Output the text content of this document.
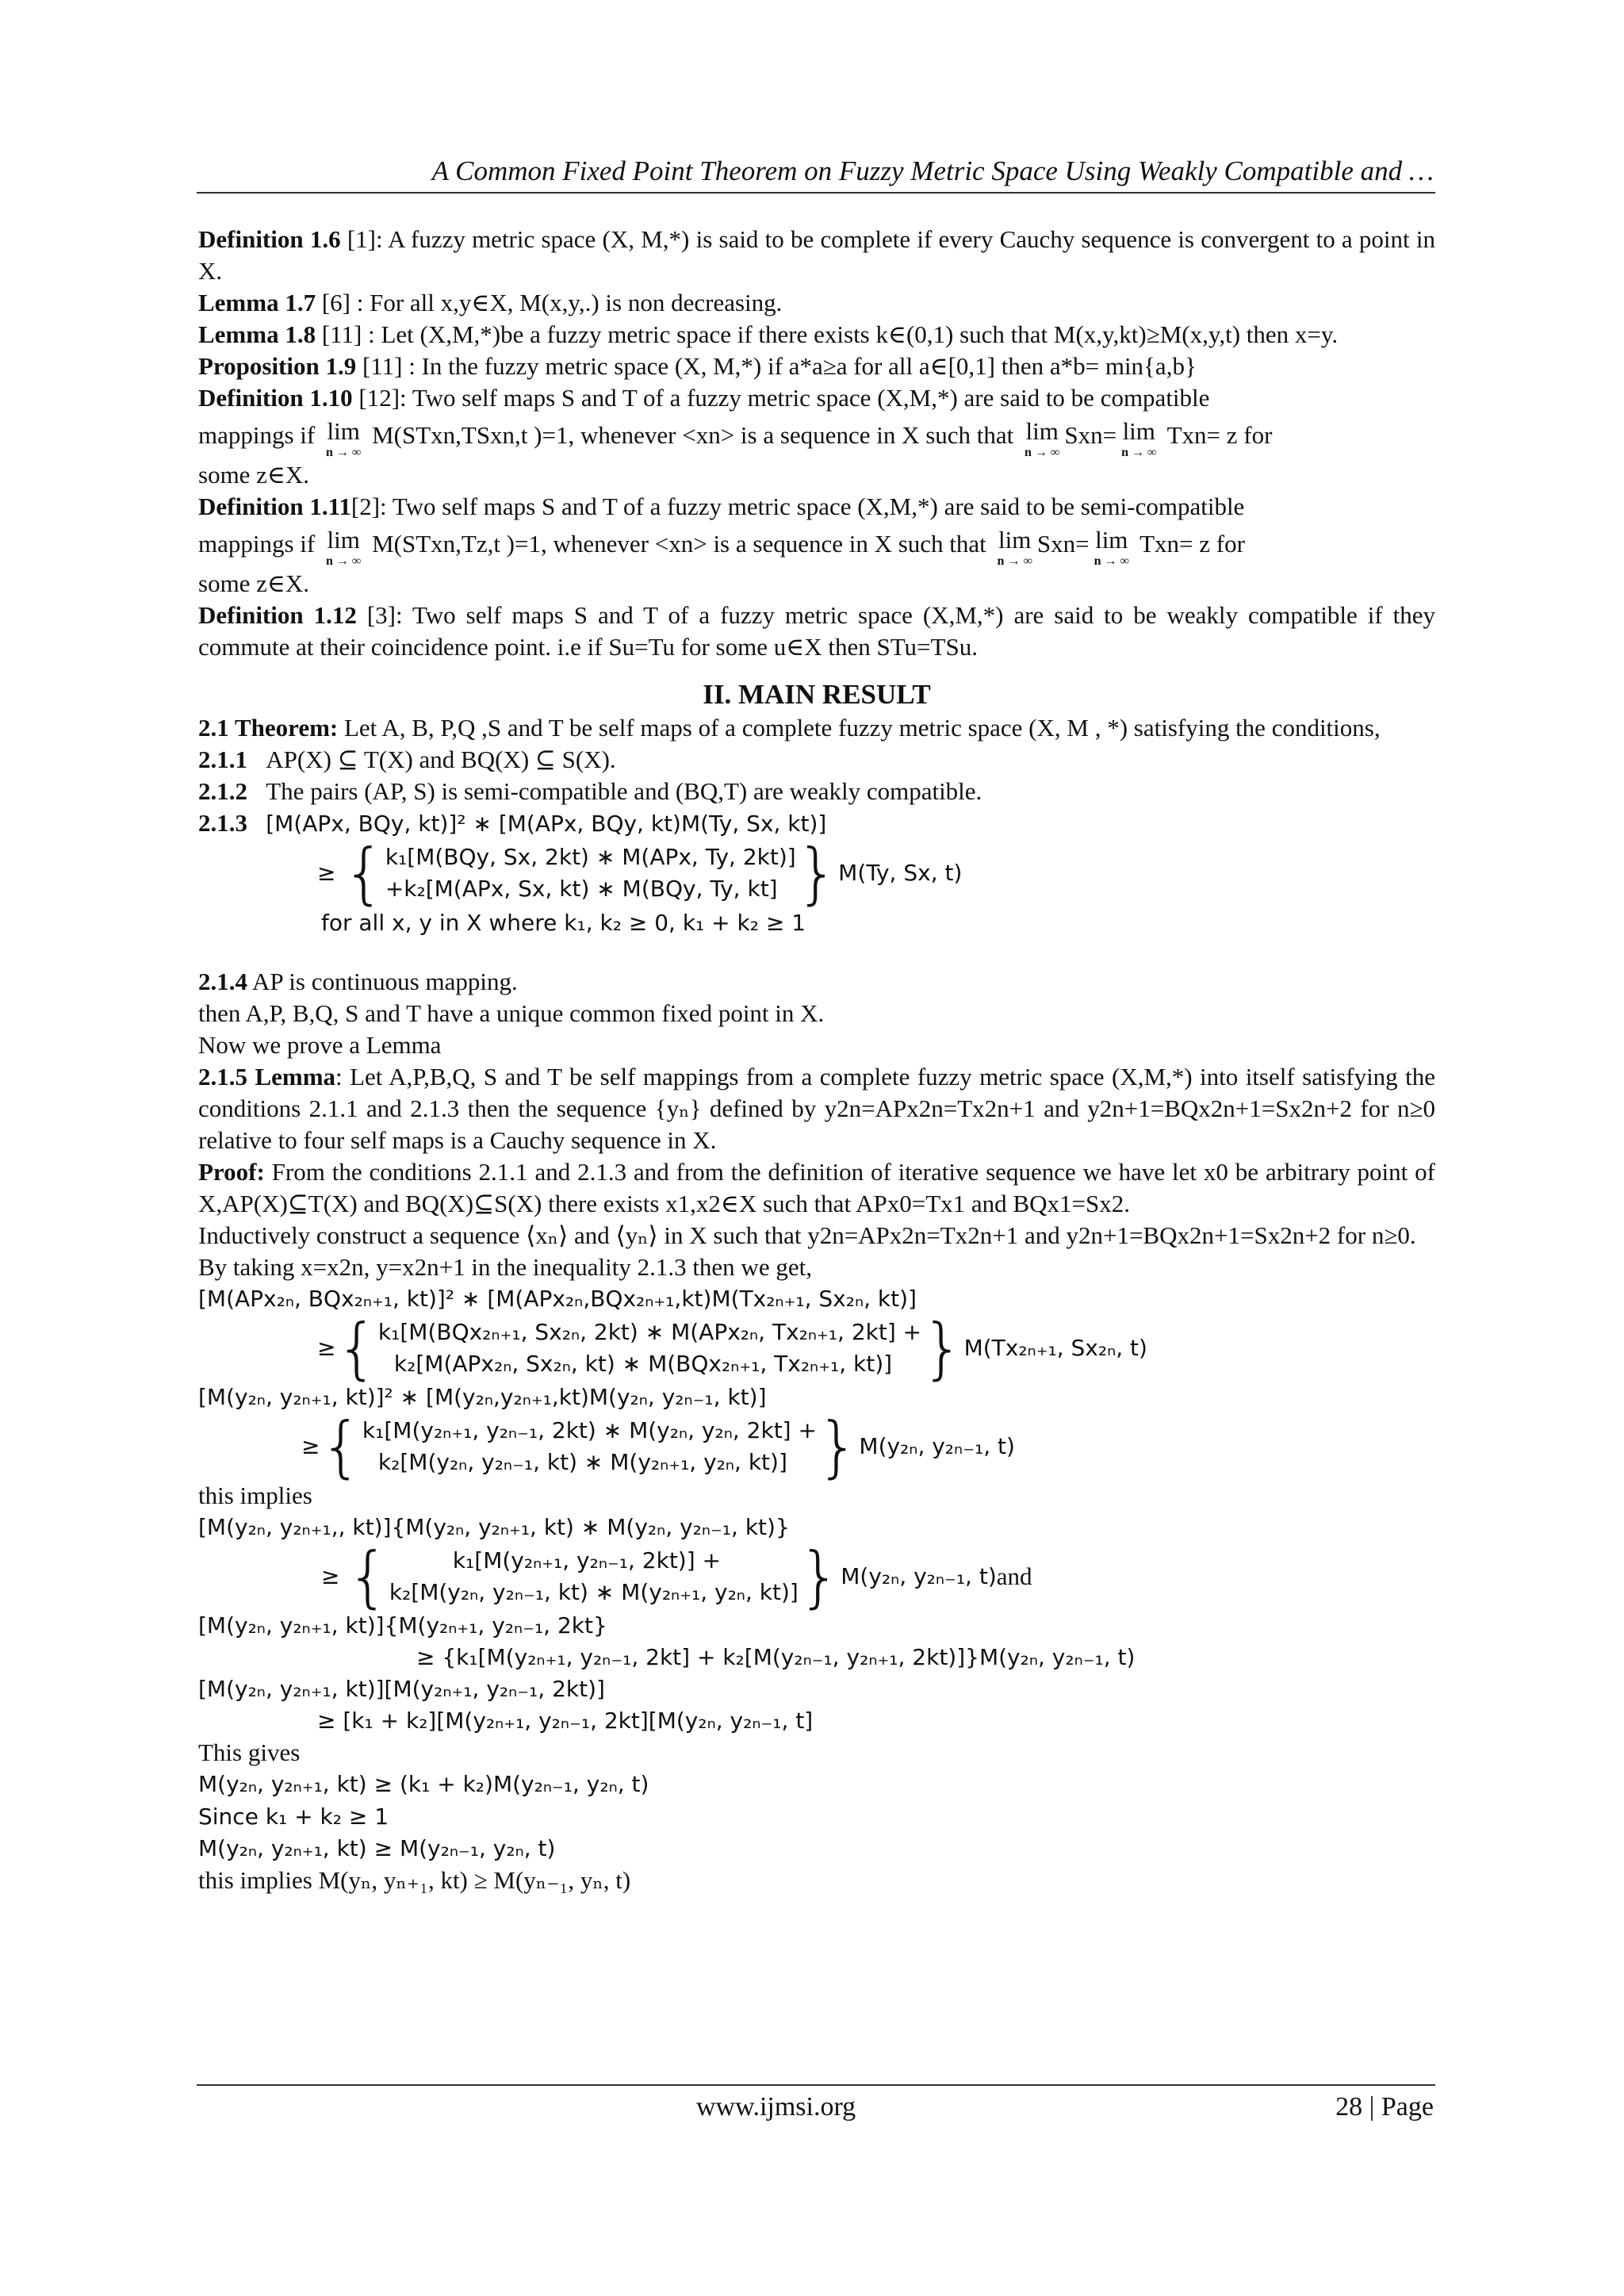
A Common Fixed Point Theorem on Fuzzy Metric Space Using Weakly Compatible and …

Definition 1.6 [1]: A fuzzy metric space (X, M,*) is said to be complete if every Cauchy sequence is convergent to a point in X.

Lemma 1.7 [6] : For all x,y∈X, M(x,y,.) is non decreasing.

Lemma 1.8 [11] : Let (X,M,*)be a fuzzy metric space if there exists k∈(0,1) such that M(x,y,kt)≥M(x,y,t) then x=y.

Proposition 1.9 [11] : In the fuzzy metric space (X, M,*) if a*a≥a for all a∈[0,1] then a*b= min{a,b}

Definition 1.10 [12]: Two self maps S and T of a fuzzy metric space (X,M,*) are said to be compatible

mappings if lim
n → ∞
M(STxn,TSxn,t )=1, whenever <xn> is a sequence in X such that lim
n → ∞
Sxn= lim
n → ∞
Txn= z for

some z∈X.

Definition 1.11[2]: Two self maps S and T of a fuzzy metric space (X,M,*) are said to be semi-compatible

mappings if lim
n → ∞
M(STxn,Tz,t )=1, whenever <xn> is a sequence in X such that lim
n → ∞
Sxn= lim
n → ∞
Txn= z for

some z∈X.

Definition 1.12 [3]: Two self maps S and T of a fuzzy metric space (X,M,*) are said to be weakly compatible if they commute at their coincidence point. i.e if Su=Tu for some u∈X then STu=TSu.

II. MAIN RESULT

2.1 Theorem: Let A, B, P,Q ,S and T be self maps of a complete fuzzy metric space (X, M , *) satisfying the conditions,

2.1.1 AP(X) ⊆ T(X) and BQ(X) ⊆ S(X).

2.1.2 The pairs (AP, S) is semi-compatible and (BQ,T) are weakly compatible.

2.1.3 [M(APx, BQy, kt)]² ∗ [M(APx, BQy, kt)M(Ty, Sx, kt)]

≥ { k₁[M(BQy, Sx, 2kt) ∗ M(APx, Ty, 2kt)]
+k₂[M(APx, Sx, kt) ∗ M(BQy, Ty, kt] } M(Ty, Sx, t)

for all x, y in X where k₁, k₂ ≥ 0, k₁ + k₂ ≥ 1

2.1.4 AP is continuous mapping.

then A,P, B,Q, S and T have a unique common fixed point in X.

Now we prove a Lemma

2.1.5 Lemma: Let A,P,B,Q, S and T be self mappings from a complete fuzzy metric space (X,M,*) into itself satisfying the conditions 2.1.1 and 2.1.3 then the sequence {yₙ} defined by y2n=APx2n=Tx2n+1 and y2n+1=BQx2n+1=Sx2n+2 for n≥0 relative to four self maps is a Cauchy sequence in X.

Proof: From the conditions 2.1.1 and 2.1.3 and from the definition of iterative sequence we have let x0 be arbitrary point of X,AP(X)⊆T(X) and BQ(X)⊆S(X) there exists x1,x2∈X such that APx0=Tx1 and BQx1=Sx2.

Inductively construct a sequence ⟨xₙ⟩ and ⟨yₙ⟩ in X such that y2n=APx2n=Tx2n+1 and y2n+1=BQx2n+1=Sx2n+2 for n≥0.

By taking x=x2n, y=x2n+1 in the inequality 2.1.3 then we get,

[M(APx₂ₙ, BQx₂ₙ₊₁, kt)]² ∗ [M(APx₂ₙ,BQx₂ₙ₊₁,kt)M(Tx₂ₙ₊₁, Sx₂ₙ, kt)]

≥ { k₁[M(BQx₂ₙ₊₁, Sx₂ₙ, 2kt) ∗ M(APx₂ₙ, Tx₂ₙ₊₁, 2kt] +
k₂[M(APx₂ₙ, Sx₂ₙ, kt) ∗ M(BQx₂ₙ₊₁, Tx₂ₙ₊₁, kt)] } M(Tx₂ₙ₊₁, Sx₂ₙ, t)

[M(y₂ₙ, y₂ₙ₊₁, kt)]² ∗ [M(y₂ₙ,y₂ₙ₊₁,kt)M(y₂ₙ, y₂ₙ₋₁, kt)]

≥ { k₁[M(y₂ₙ₊₁, y₂ₙ₋₁, 2kt) ∗ M(y₂ₙ, y₂ₙ, 2kt] +
k₂[M(y₂ₙ, y₂ₙ₋₁, kt) ∗ M(y₂ₙ₊₁, y₂ₙ, kt)] } M(y₂ₙ, y₂ₙ₋₁, t)

this implies

[M(y₂ₙ, y₂ₙ₊₁,, kt)]{M(y₂ₙ, y₂ₙ₊₁, kt) ∗ M(y₂ₙ, y₂ₙ₋₁, kt)}

≥ {	k₁[M(y₂ₙ₊₁, y₂ₙ₋₁, 2kt)] +
k₂[M(y₂ₙ, y₂ₙ₋₁, kt) ∗ M(y₂ₙ₊₁, y₂ₙ, kt)] } M(y₂ₙ, y₂ₙ₋₁, t) and

[M(y₂ₙ, y₂ₙ₊₁, kt)]{M(y₂ₙ₊₁, y₂ₙ₋₁, 2kt}

≥ {k₁[M(y₂ₙ₊₁, y₂ₙ₋₁, 2kt] + k₂[M(y₂ₙ₋₁, y₂ₙ₊₁, 2kt)]}M(y₂ₙ, y₂ₙ₋₁, t)

[M(y₂ₙ, y₂ₙ₊₁, kt)][M(y₂ₙ₊₁, y₂ₙ₋₁, 2kt)]

≥ [k₁ + k₂][M(y₂ₙ₊₁, y₂ₙ₋₁, 2kt][M(y₂ₙ, y₂ₙ₋₁, t]

This gives

M(y₂ₙ, y₂ₙ₊₁, kt) ≥ (k₁ + k₂)M(y₂ₙ₋₁, y₂ₙ, t)

Since k₁ + k₂ ≥ 1

M(y₂ₙ, y₂ₙ₊₁, kt) ≥ M(y₂ₙ₋₁, y₂ₙ, t)

this implies M(yₙ, yₙ₊₁, kt) ≥ M(yₙ₋₁, yₙ, t)

www.ijmsi.org	28 | Page
